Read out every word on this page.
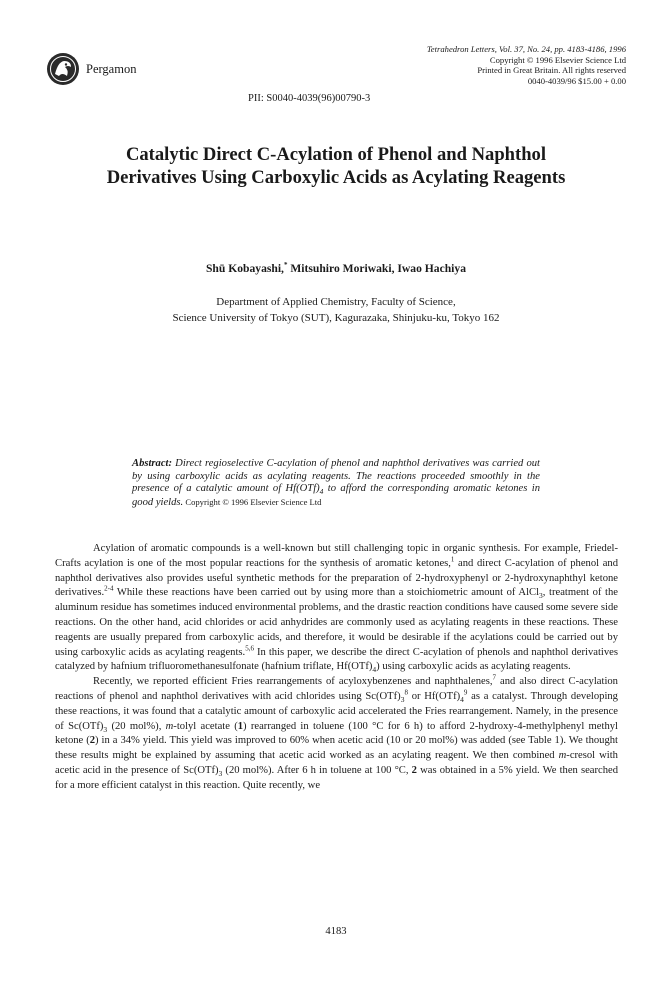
Pergamon
Tetrahedron Letters, Vol. 37, No. 24, pp. 4183-4186, 1996
Copyright © 1996 Elsevier Science Ltd
Printed in Great Britain. All rights reserved
0040-4039/96 $15.00 + 0.00
PII: S0040-4039(96)00790-3
Catalytic Direct C-Acylation of Phenol and Naphthol
Derivatives Using Carboxylic Acids as Acylating Reagents
Shū Kobayashi,* Mitsuhiro Moriwaki, Iwao Hachiya
Department of Applied Chemistry, Faculty of Science,
Science University of Tokyo (SUT), Kagurazaka, Shinjuku-ku, Tokyo 162
Abstract: Direct regioselective C-acylation of phenol and naphthol derivatives was carried out by using carboxylic acids as acylating reagents. The reactions proceeded smoothly in the presence of a catalytic amount of $Hf(OTf)_4$ to afford the corresponding aromatic ketones in good yields. Copyright © 1996 Elsevier Science Ltd

Acylation of aromatic compounds is a well-known but still challenging topic in organic synthesis. For example, Friedel-Crafts acylation is one of the most popular reactions for the synthesis of aromatic ketones,$^1$ and direct C-acylation of phenol and naphthol derivatives also provides useful synthetic methods for the preparation of 2-hydroxyphenyl or 2-hydroxynaphthyl ketone derivatives.$^{2-4}$ While these reactions have been carried out by using more than a stoichiometric amount of AlCl$_3$, treatment of the aluminum residue has sometimes induced environmental problems, and the drastic reaction conditions have caused some severe side reactions. On the other hand, acid chlorides or acid anhydrides are commonly used as acylating reagents in these reactions. These reagents are usually prepared from carboxylic acids, and therefore, it would be desirable if the acylations could be carried out by using carboxylic acids as acylating reagents.$^{5,6}$ In this paper, we describe the direct C-acylation of phenols and naphthol derivatives catalyzed by hafnium trifluoromethanesulfonate (hafnium triflate, $Hf(OTf)_4$) using carboxylic acids as acylating reagents.

Recently, we reported efficient Fries rearrangements of acyloxybenzenes and naphthalenes,$^7$ and also direct C-acylation reactions of phenol and naphthol derivatives with acid chlorides using $Sc(OTf)_3^8$ or $Hf(OTf)_4^9$ as a catalyst. Through developing these reactions, it was found that a catalytic amount of carboxylic acid accelerated the Fries rearrangement. Namely, in the presence of $Sc(OTf)_3$ (20 mol%), m-tolyl acetate (1) rearranged in toluene (100 °C for 6 h) to afford 2-hydroxy-4-methylphenyl methyl ketone (2) in a 34% yield. This yield was improved to 60% when acetic acid (10 or 20 mol%) was added (see Table 1). We thought these results might be explained by assuming that acetic acid worked as an acylating reagent. We then combined m-cresol with acetic acid in the presence of $Sc(OTf)_3$ (20 mol%). After 6 h in toluene at 100 °C, 2 was obtained in a 5% yield. We then searched for a more efficient catalyst in this reaction. Quite recently, we

4183
